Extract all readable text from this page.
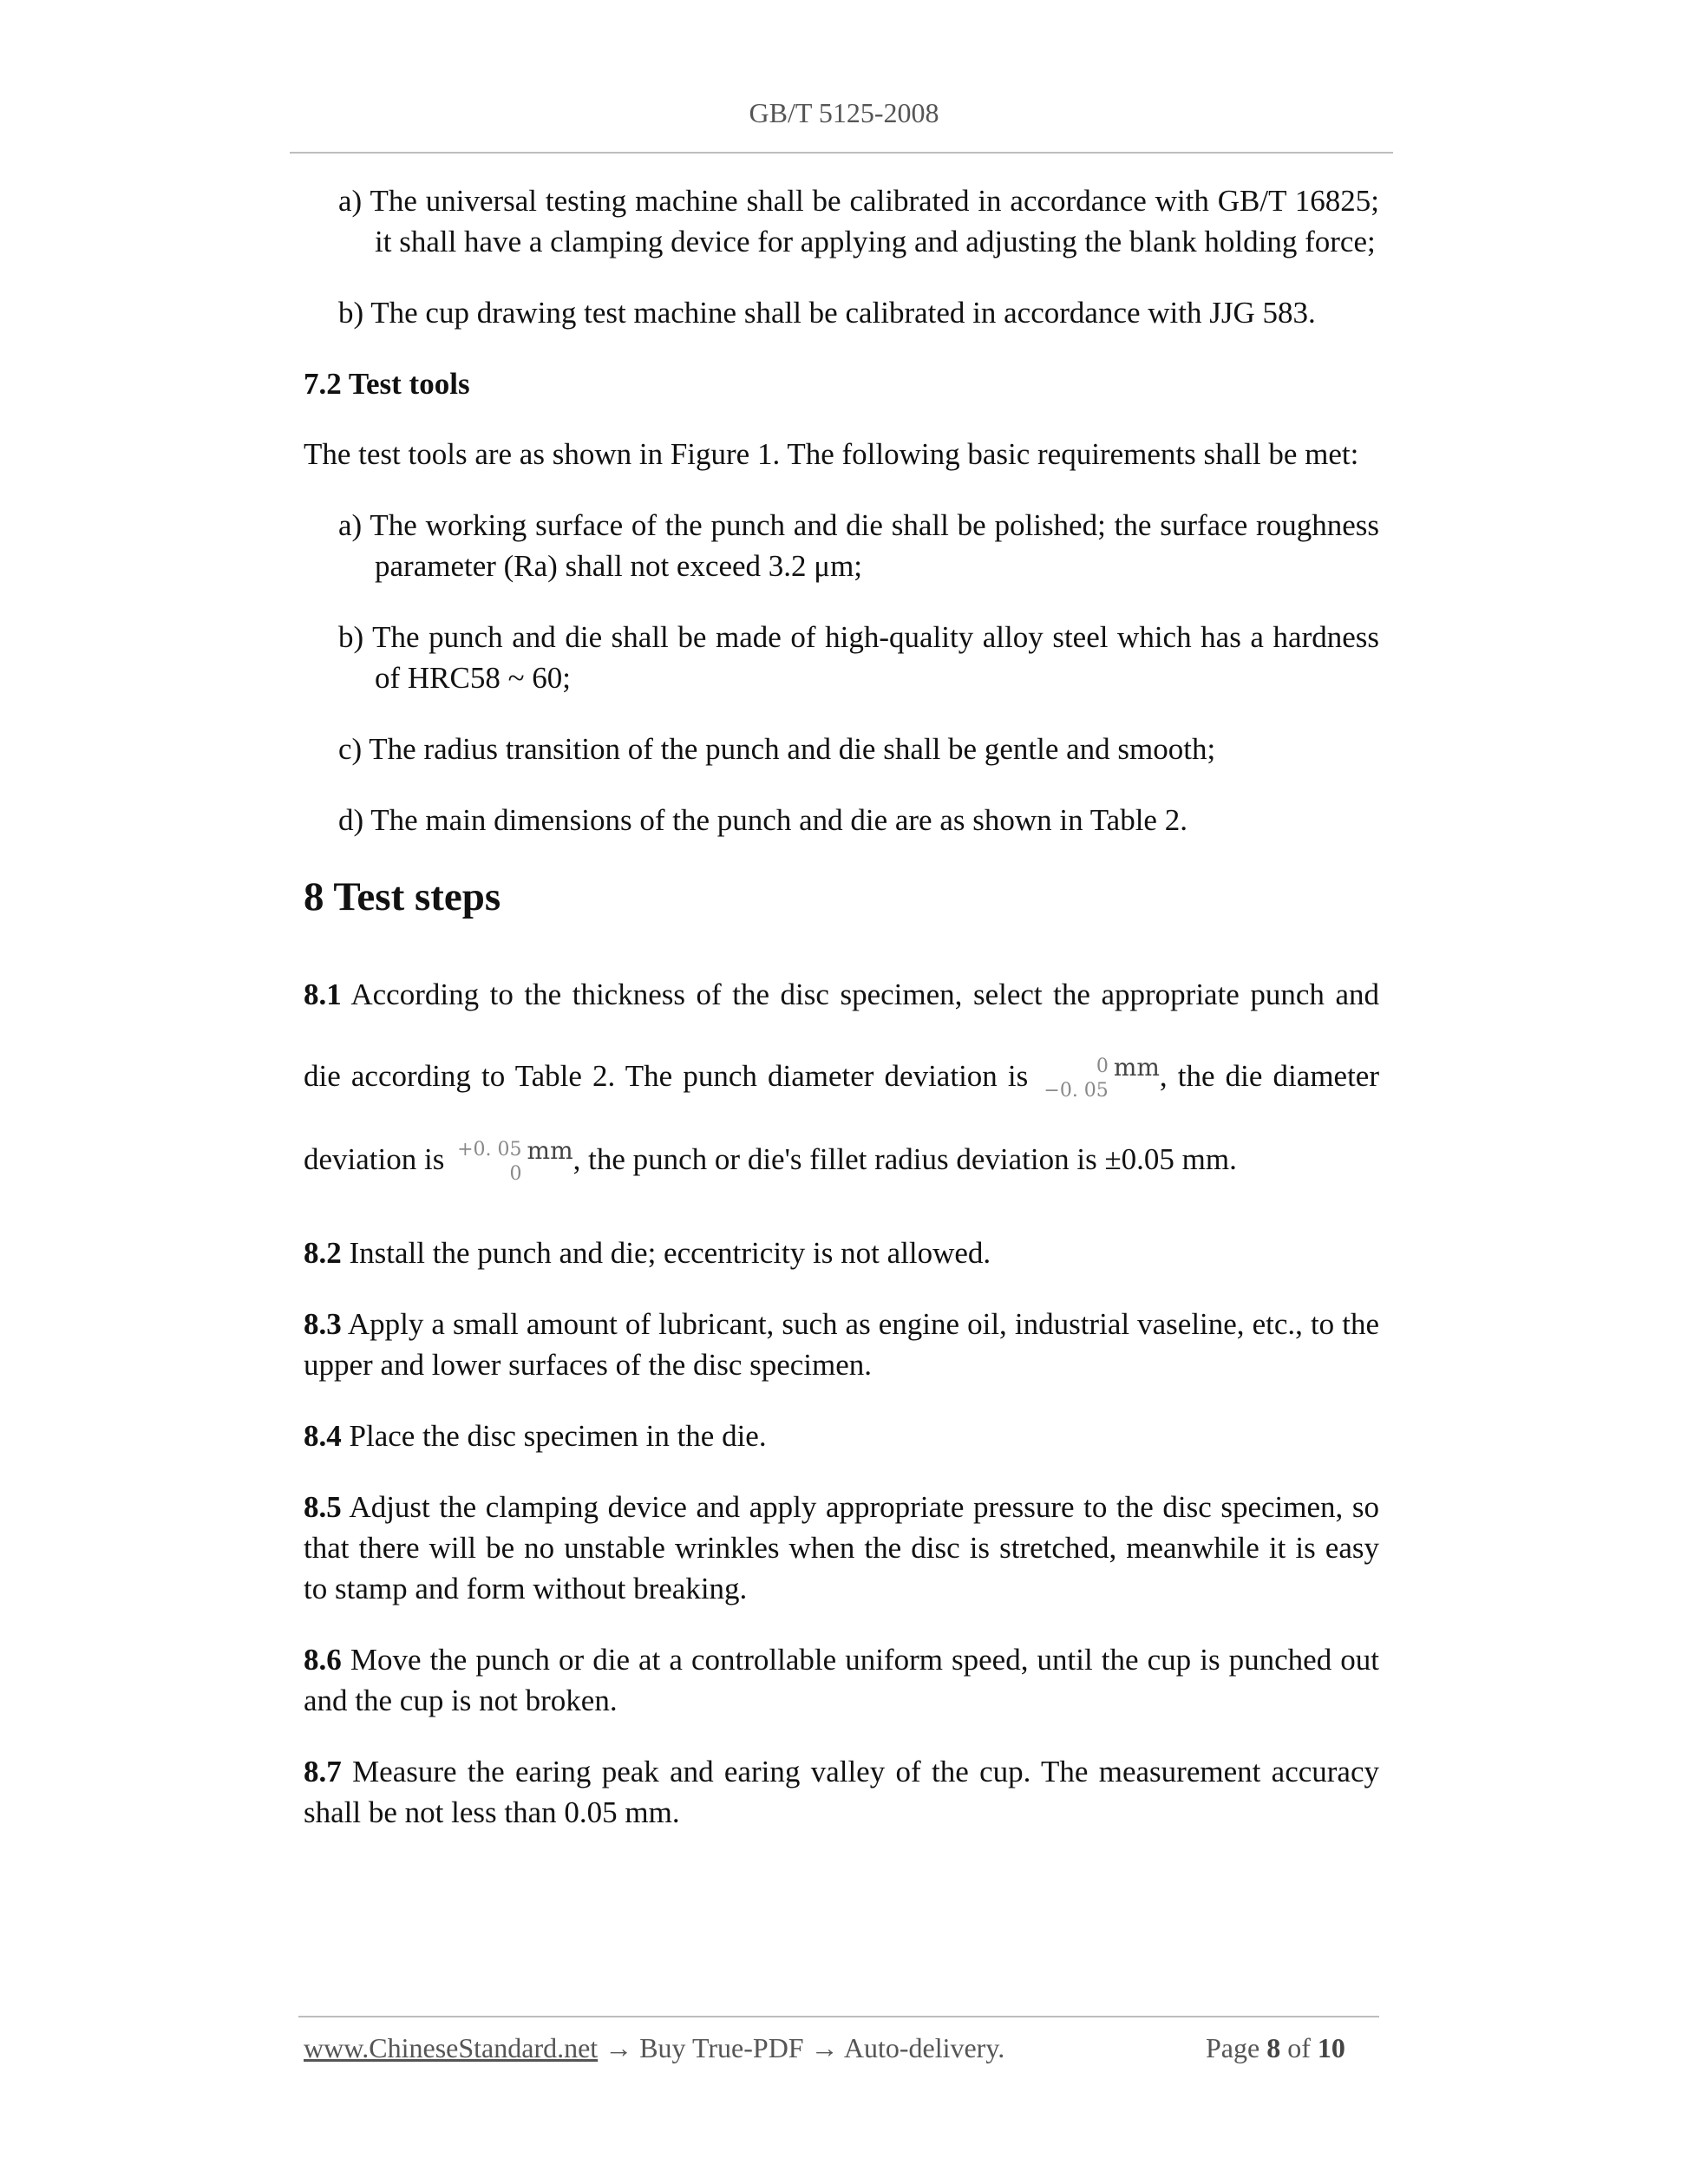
GB/T 5125-2008
a) The universal testing machine shall be calibrated in accordance with GB/T 16825; it shall have a clamping device for applying and adjusting the blank holding force;
b) The cup drawing test machine shall be calibrated in accordance with JJG 583.
7.2 Test tools
The test tools are as shown in Figure 1. The following basic requirements shall be met:
a) The working surface of the punch and die shall be polished; the surface roughness parameter (Ra) shall not exceed 3.2 μm;
b) The punch and die shall be made of high-quality alloy steel which has a hardness of HRC58 ~ 60;
c) The radius transition of the punch and die shall be gentle and smooth;
d) The main dimensions of the punch and die are as shown in Table 2.
8 Test steps
8.1 According to the thickness of the disc specimen, select the appropriate punch and die according to Table 2. The punch diameter deviation is	0
−0. 05
$^{mm}$, the die diameter deviation is +0. 05
0
$^{mm}$, the punch or die's fillet radius deviation is ±0.05 mm.
8.2 Install the punch and die; eccentricity is not allowed.
8.3 Apply a small amount of lubricant, such as engine oil, industrial vaseline, etc., to the upper and lower surfaces of the disc specimen.
8.4 Place the disc specimen in the die.
8.5 Adjust the clamping device and apply appropriate pressure to the disc specimen, so that there will be no unstable wrinkles when the disc is stretched, meanwhile it is easy to stamp and form without breaking.
8.6 Move the punch or die at a controllable uniform speed, until the cup is punched out and the cup is not broken.
8.7 Measure the earing peak and earing valley of the cup. The measurement accuracy shall be not less than 0.05 mm.
www.ChineseStandard.net → Buy True-PDF → Auto-delivery.	Page 8 of 10
